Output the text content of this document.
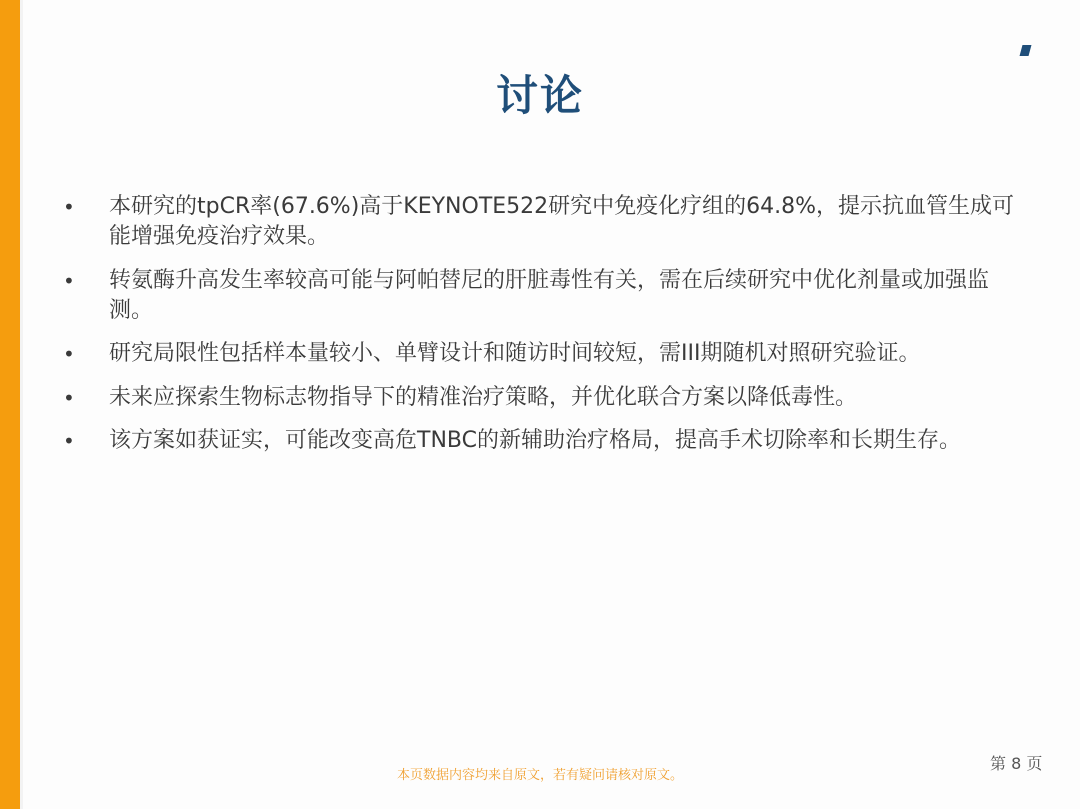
讨论
•	本研究的tpCR率(67.6%)高于KEYNOTE522研究中免疫化疗组的64.8%，提示抗血管生成可能增强免疫治疗效果。
•	转氨酶升高发生率较高可能与阿帕替尼的肝脏毒性有关，需在后续研究中优化剂量或加强监测。
•	研究局限性包括样本量较小、单臂设计和随访时间较短，需III期随机对照研究验证。
•	未来应探索生物标志物指导下的精准治疗策略，并优化联合方案以降低毒性。
•	该方案如获证实，可能改变高危TNBC的新辅助治疗格局，提高手术切除率和长期生存。
第 8 页
本页数据内容均来自原文，若有疑问请核对原文。
